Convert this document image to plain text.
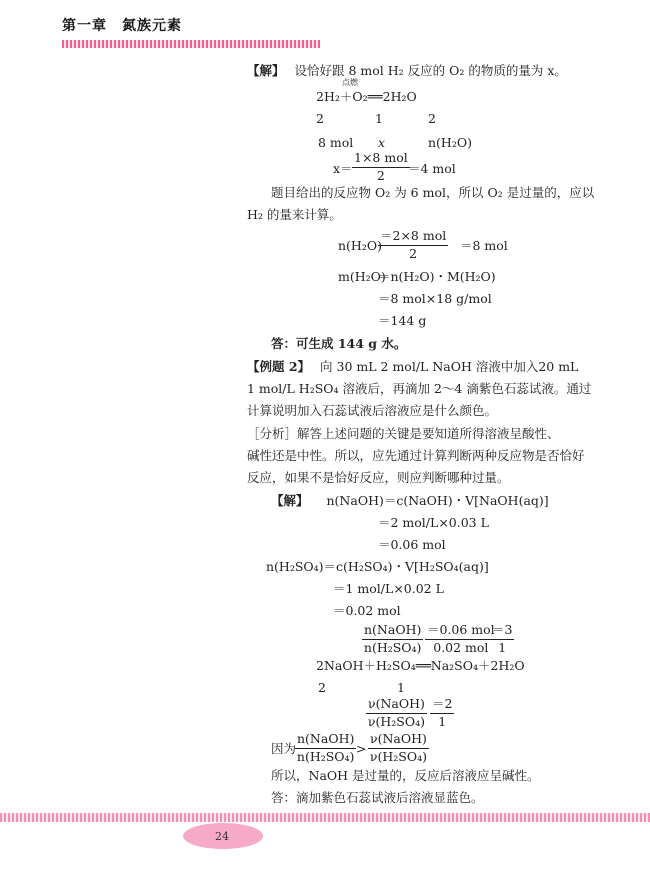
第一章　氮族元素
【解】 设恰好跟 8 mol H₂ 反应的 O₂ 的物质的量为 x。
点燃
2H₂＋O₂══2H₂O
2	1	2
8 mol x	n(H₂O)
x＝
1×8 mol
2	＝4 mol
题目给出的反应物 O₂ 为 6 mol，所以 O₂ 是过量的，应以
H₂ 的量来计算。
n(H₂O)
＝2×8 mol
2	＝8 mol
m(H₂O)
＝n(H₂O)・M(H₂O)
＝8 mol×18 g/mol
＝144 g
答：可生成 144 g 水。
【例题 2】 向 30 mL 2 mol/L NaOH 溶液中加入20 mL
1 mol/L H₂SO₄ 溶液后，再滴加 2～4 滴紫色石蕊试液。通过
计算说明加入石蕊试液后溶液应是什么颜色。
［分析］解答上述问题的关键是要知道所得溶液呈酸性、
碱性还是中性。所以，应先通过计算判断两种反应物是否恰好
反应，如果不是恰好反应，则应判断哪种过量。
【解】 n(NaOH)＝c(NaOH)・V[NaOH(aq)]
＝2 mol/L×0.03 L
＝0.06 mol
n(H₂SO₄)＝c(H₂SO₄)・V[H₂SO₄(aq)]
＝1 mol/L×0.02 L
＝0.02 mol
n(NaOH)
n(H₂SO₄)
＝0.06 mol
0.02 mol $\frac{=3}{1}$
2NaOH＋H₂SO₄══Na₂SO₄＋2H₂O
2	1
ν(NaOH)
$\nu(H_2SO_4) \frac{=2}{1}$
因为
n(NaOH)
n(H₂SO₄) >
ν(NaOH)
ν(H₂SO₄)
所以，NaOH 是过量的，反应后溶液应呈碱性。
答：滴加紫色石蕊试液后溶液显蓝色。
24
